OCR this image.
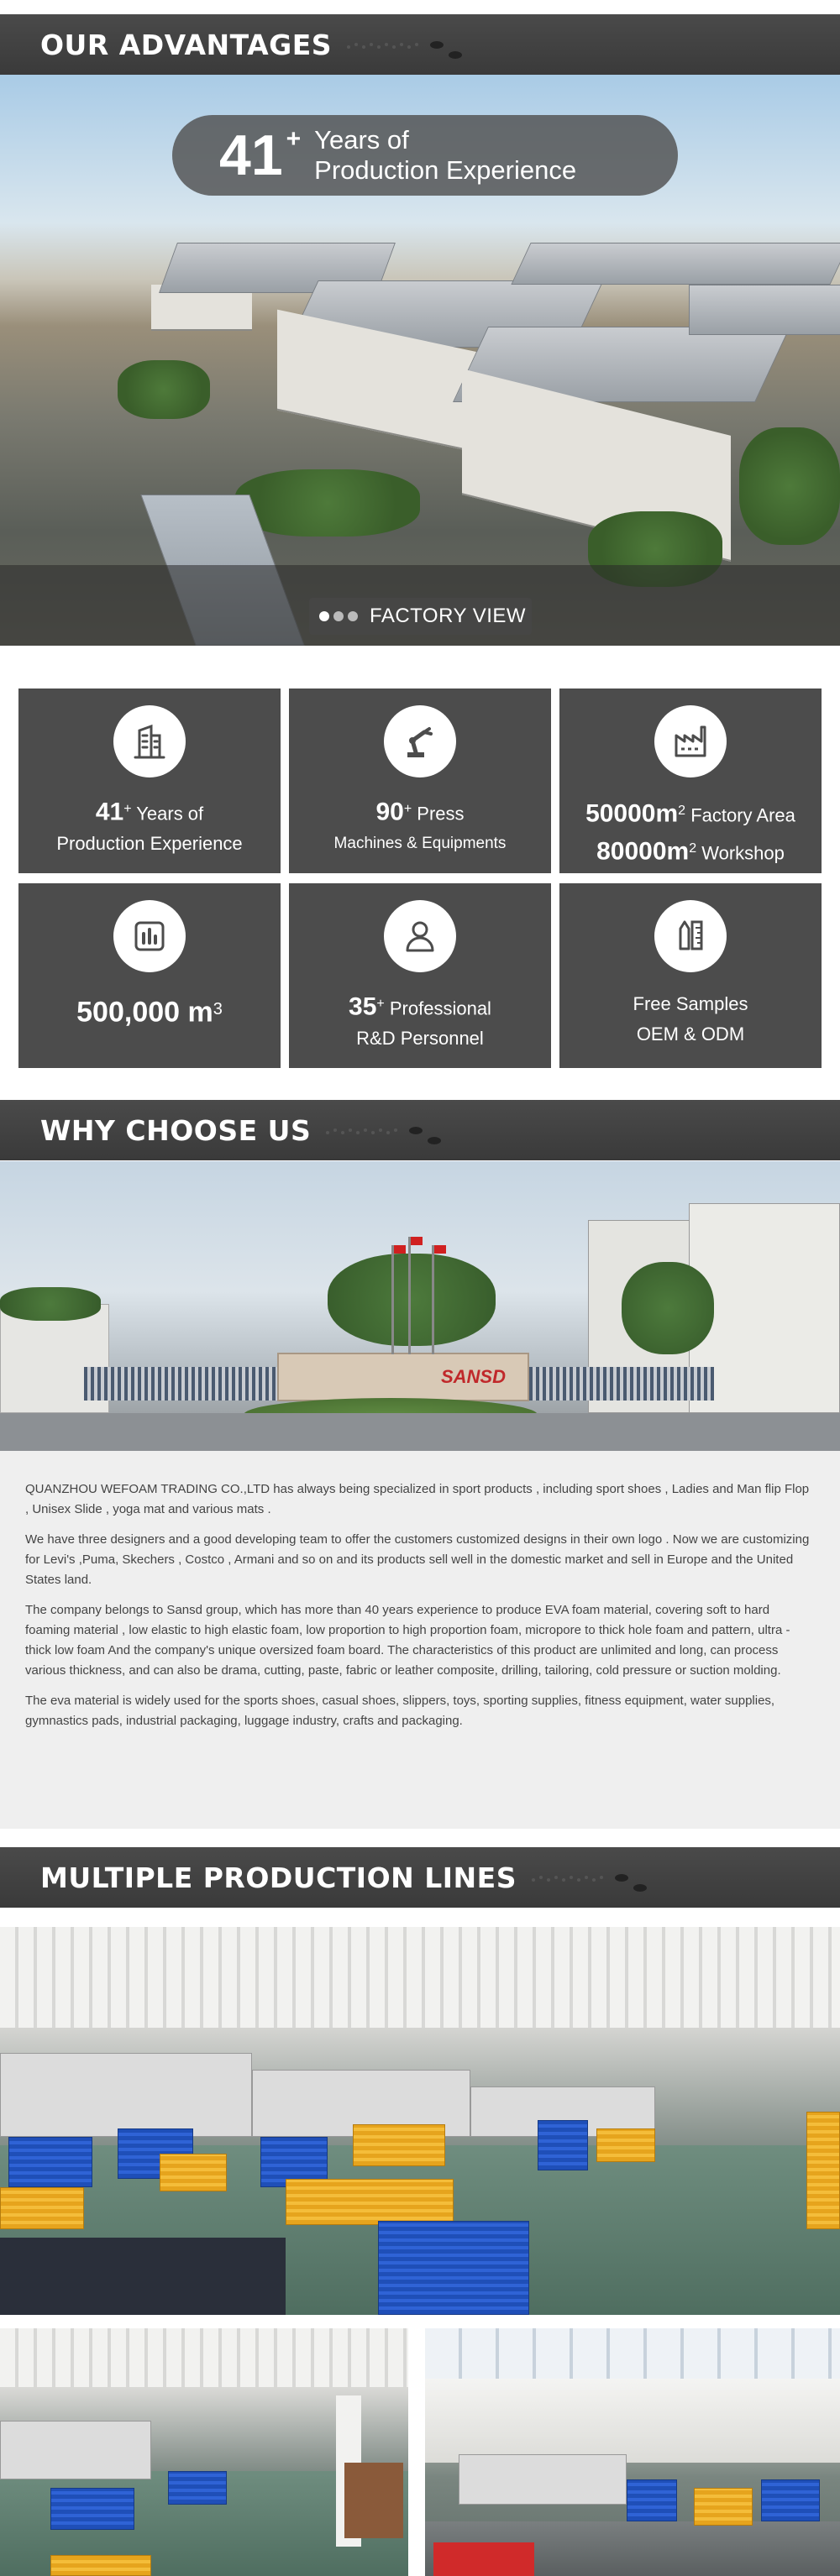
OUR ADVANTAGES
41+ Years of
Production Experience
FACTORY VIEW
41+ Years of
Production Experience
90+ Press
Machines & Equipments
$50000m^2$ Factory Area
$80000m^2$ Workshop
500,000 $m^3$	35+ Professional
R&D Personnel
Free Samples
OEM & ODM
WHY CHOOSE US
SANSD

QUANZHOU WEFOAM TRADING CO.,LTD has always being specialized in sport products , including sport shoes , Ladies and Man flip Flop , Unisex Slide , yoga mat and various mats .

We have three designers and a good developing team to offer the customers customized designs in their own logo . Now we are customizing for Levi's ,Puma, Skechers , Costco , Armani and so on and its products sell well in the domestic market and sell in Europe and the United States land.

The company belongs to Sansd group, which has more than 40 years experience to produce EVA foam material, covering soft to hard foaming material , low elastic to high elastic foam, low proportion to high proportion foam, micropore to thick hole foam and pattern, ultra -thick low foam And the company's unique oversized foam board. The characteristics of this product are unlimited and long, can process various thickness, and can also be drama, cutting, paste, fabric or leather composite, drilling, tailoring, cold pressure or suction molding.

The eva material is widely used for the sports shoes, casual shoes, slippers, toys, sporting supplies, fitness equipment, water supplies, gymnastics pads, industrial packaging, luggage industry, crafts and packaging.

MULTIPLE PRODUCTION LINES
